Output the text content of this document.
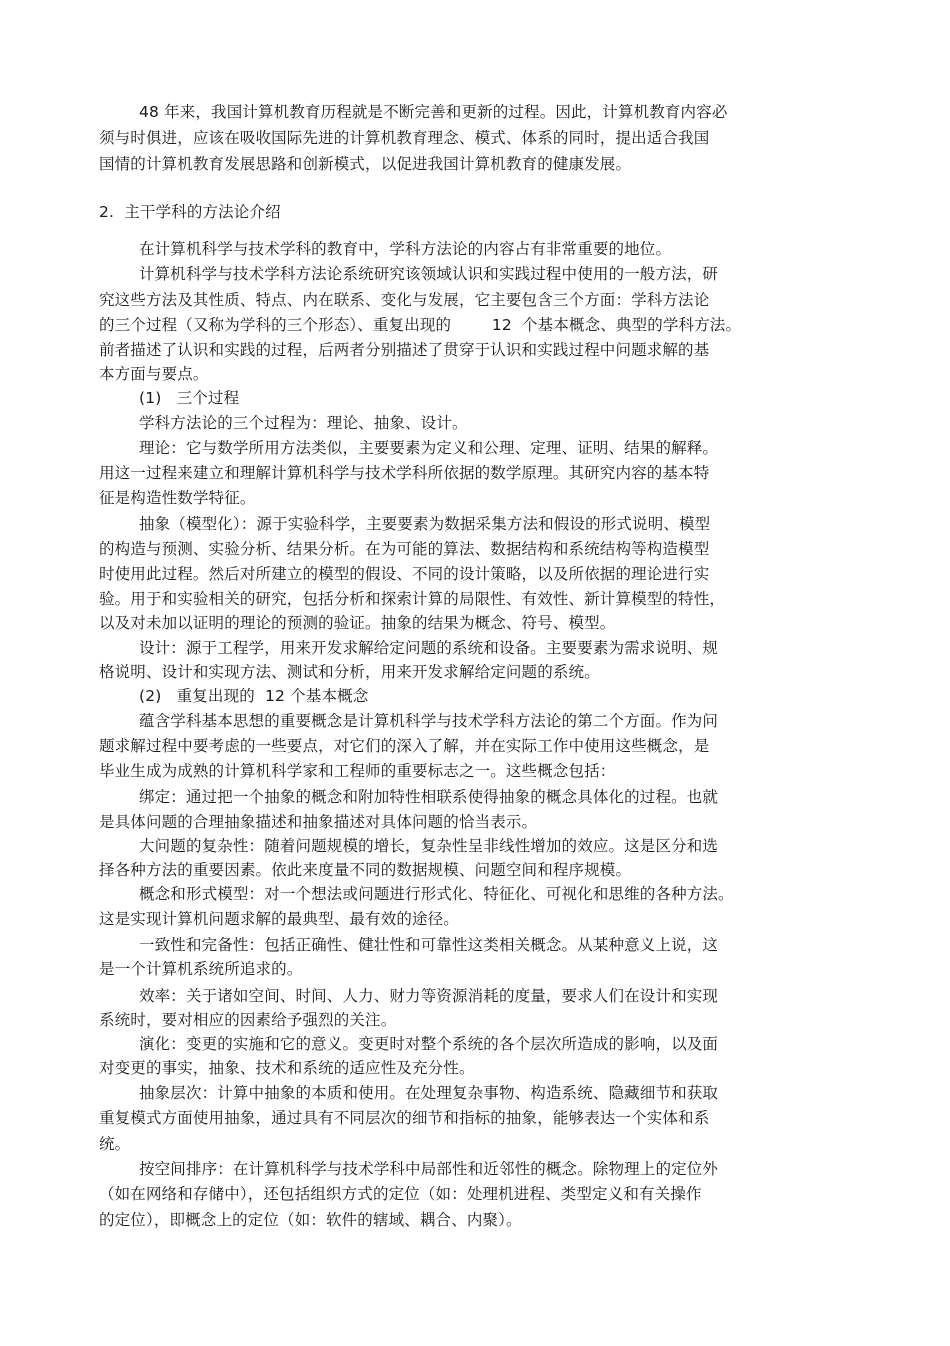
48 年来，我国计算机教育历程就是不断完善和更新的过程。因此，计算机教育内容必
须与时俱进，应该在吸收国际先进的计算机教育理念、模式、体系的同时，提出适合我国
国情的计算机教育发展思路和创新模式，以促进我国计算机教育的健康发展。
2.  主干学科的方法论介绍
在计算机科学与技术学科的教育中，学科方法论的内容占有非常重要的地位。
计算机科学与技术学科方法论系统研究该领域认识和实践过程中使用的一般方法，研
究这些方法及其性质、特点、内在联系、变化与发展，它主要包含三个方面：学科方法论
的三个过程（又称为学科的三个形态）、重复出现的        12  个基本概念、典型的学科方法。
前者描述了认识和实践的过程，后两者分别描述了贯穿于认识和实践过程中问题求解的基
本方面与要点。
(1)   三个过程
学科方法论的三个过程为：理论、抽象、设计。
理论：它与数学所用方法类似，主要要素为定义和公理、定理、证明、结果的解释。
用这一过程来建立和理解计算机科学与技术学科所依据的数学原理。其研究内容的基本特
征是构造性数学特征。
抽象（模型化）：源于实验科学，主要要素为数据采集方法和假设的形式说明、模型
的构造与预测、实验分析、结果分析。在为可能的算法、数据结构和系统结构等构造模型
时使用此过程。然后对所建立的模型的假设、不同的设计策略，以及所依据的理论进行实
验。用于和实验相关的研究，包括分析和探索计算的局限性、有效性、新计算模型的特性，
以及对未加以证明的理论的预测的验证。抽象的结果为概念、符号、模型。
设计：源于工程学，用来开发求解给定问题的系统和设备。主要要素为需求说明、规
格说明、设计和实现方法、测试和分析，用来开发求解给定问题的系统。
(2)   重复出现的  12 个基本概念
蕴含学科基本思想的重要概念是计算机科学与技术学科方法论的第二个方面。作为问
题求解过程中要考虑的一些要点，对它们的深入了解，并在实际工作中使用这些概念，是
毕业生成为成熟的计算机科学家和工程师的重要标志之一。这些概念包括：
绑定：通过把一个抽象的概念和附加特性相联系使得抽象的概念具体化的过程。也就
是具体问题的合理抽象描述和抽象描述对具体问题的恰当表示。
大问题的复杂性：随着问题规模的增长，复杂性呈非线性增加的效应。这是区分和选
择各种方法的重要因素。依此来度量不同的数据规模、问题空间和程序规模。
概念和形式模型：对一个想法或问题进行形式化、特征化、可视化和思维的各种方法。
这是实现计算机问题求解的最典型、最有效的途径。
一致性和完备性：包括正确性、健壮性和可靠性这类相关概念。从某种意义上说，这
是一个计算机系统所追求的。
效率：关于诸如空间、时间、人力、财力等资源消耗的度量，要求人们在设计和实现
系统时，要对相应的因素给予强烈的关注。
演化：变更的实施和它的意义。变更时对整个系统的各个层次所造成的影响，以及面
对变更的事实，抽象、技术和系统的适应性及充分性。
抽象层次：计算中抽象的本质和使用。在处理复杂事物、构造系统、隐藏细节和获取
重复模式方面使用抽象，通过具有不同层次的细节和指标的抽象，能够表达一个实体和系
统。
按空间排序：在计算机科学与技术学科中局部性和近邻性的概念。除物理上的定位外
（如在网络和存储中），还包括组织方式的定位（如：处理机进程、类型定义和有关操作
的定位），即概念上的定位（如：软件的辖域、耦合、内聚）。
